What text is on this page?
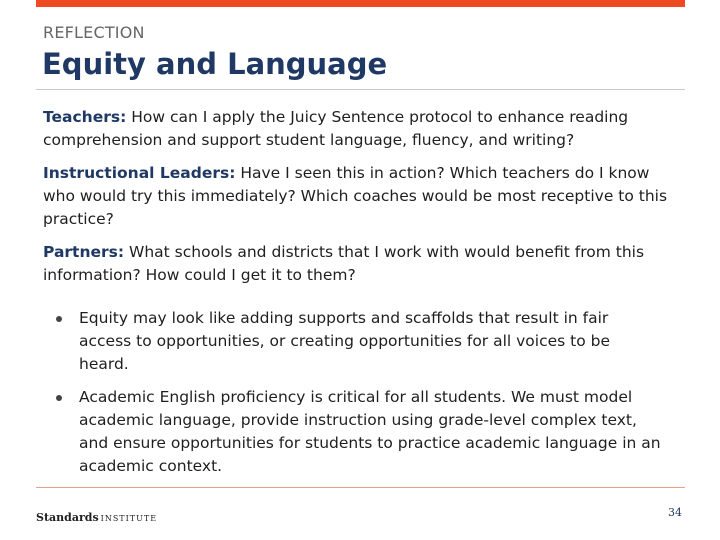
REFLECTION
Equity and Language

Teachers: How can I apply the Juicy Sentence protocol to enhance reading comprehension and support student language, fluency, and writing?

Instructional Leaders: Have I seen this in action? Which teachers do I know who would try this immediately? Which coaches would be most receptive to this practice?

Partners: What schools and districts that I work with would benefit from this information? How could I get it to them?

Equity may look like adding supports and scaffolds that result in fair access to opportunities, or creating opportunities for all voices to be heard.
Academic English proficiency is critical for all students. We must model academic language, provide instruction using grade-level complex text, and ensure opportunities for students to practice academic language in an academic context.
Standards INSTITUTE	34
